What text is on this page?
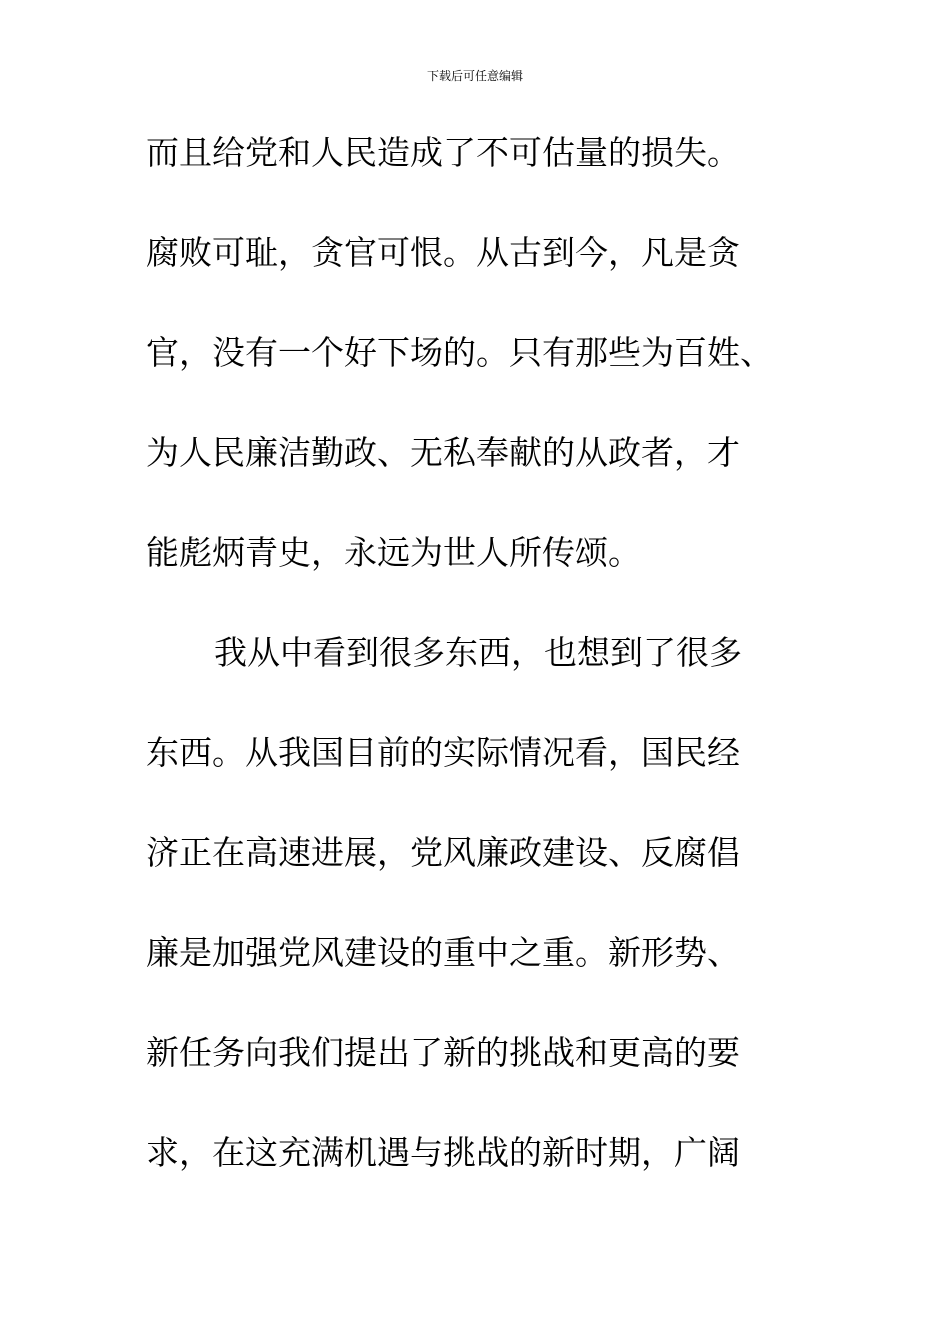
下载后可任意编辑
而且给党和人民造成了不可估量的损失。
腐败可耻，贪官可恨。从古到今，凡是贪
官，没有一个好下场的。只有那些为百姓、
为人民廉洁勤政、无私奉献的从政者，才
能彪炳青史，永远为世人所传颂。
我从中看到很多东西，也想到了很多
东西。从我国目前的实际情况看，国民经
济正在高速进展，党风廉政建设、反腐倡
廉是加强党风建设的重中之重。新形势、
新任务向我们提出了新的挑战和更高的要
求，在这充满机遇与挑战的新时期，广阔
